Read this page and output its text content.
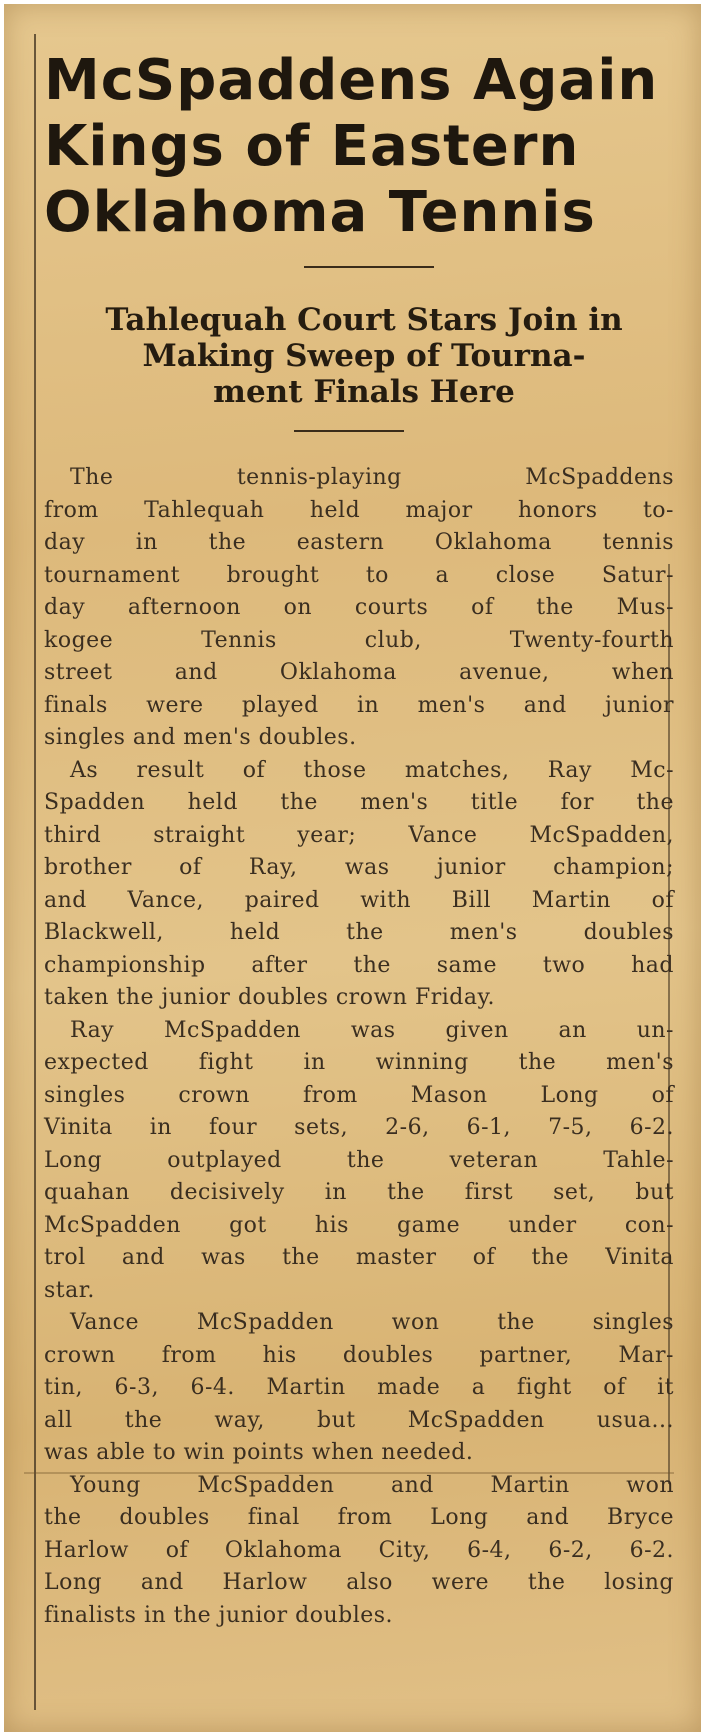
McSpaddens Again
Kings of Eastern
Oklahoma Tennis
Tahlequah Court Stars Join in
Making Sweep of Tourna-
ment Finals Here
The tennis-playing McSpaddens
from Tahlequah held major honors to-
day in the eastern Oklahoma tennis
tournament brought to a close Satur-
day afternoon on courts of the Mus-
kogee Tennis club, Twenty-fourth
street and Oklahoma avenue, when
finals were played in men's and junior
singles and men's doubles.
As result of those matches, Ray Mc-
Spadden held the men's title for the
third straight year; Vance McSpadden,
brother of Ray, was junior champion;
and Vance, paired with Bill Martin of
Blackwell, held the men's doubles
championship after the same two had
taken the junior doubles crown Friday.
Ray McSpadden was given an un-
expected fight in winning the men's
singles crown from Mason Long of
Vinita in four sets, 2-6, 6-1, 7-5, 6-2.
Long outplayed the veteran Tahle-
quahan decisively in the first set, but
McSpadden got his game under con-
trol and was the master of the Vinita
star.
Vance McSpadden won the singles
crown from his doubles partner, Mar-
tin, 6-3, 6-4. Martin made a fight of it
all the way, but McSpadden usua...
was able to win points when needed.
Young McSpadden and Martin won
the doubles final from Long and Bryce
Harlow of Oklahoma City, 6-4, 6-2, 6-2.
Long and Harlow also were the losing
finalists in the junior doubles.
